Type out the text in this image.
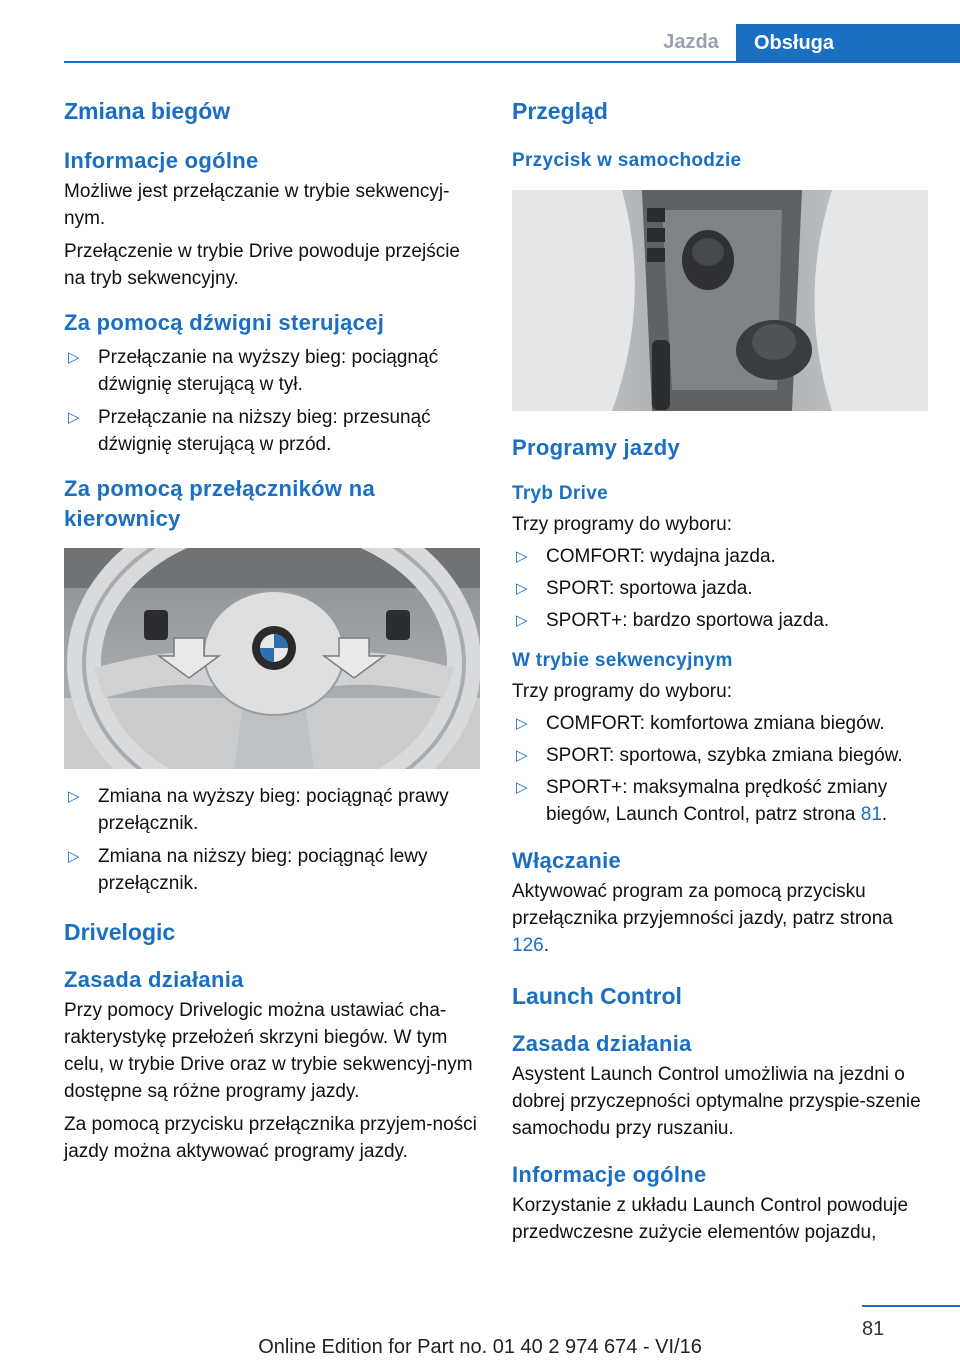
Jazda	Obsługa
Zmiana biegów
Informacje ogólne

Możliwe jest przełączanie w trybie sekwencyj-
nym.

Przełączenie w trybie Drive powoduje przejście na tryb sekwencyjny.

Za pomocą dźwigni sterującej
▷ Przełączanie na wyższy bieg: pociągnąć dźwignię sterującą w tył.
▷ Przełączanie na niższy bieg: przesunąć dźwignię sterującą w przód.
Za pomocą przełączników na kierownicy
▷ Zmiana na wyższy bieg: pociągnąć prawy przełącznik.
▷ Zmiana na niższy bieg: pociągnąć lewy przełącznik.
Drivelogic
Zasada działania

Przy pomocy Drivelogic można ustawiać cha-rakterystykę przełożeń skrzyni biegów. W tym celu, w trybie Drive oraz w trybie sekwencyj-nym dostępne są różne programy jazdy.

Za pomocą przycisku przełącznika przyjem-ności jazdy można aktywować programy jazdy.

Przegląd
Przycisk w samochodzie
Programy jazdy
Tryb Drive

Trzy programy do wyboru:

▷ COMFORT: wydajna jazda.
▷ SPORT: sportowa jazda.
▷ SPORT+: bardzo sportowa jazda.
W trybie sekwencyjnym

Trzy programy do wyboru:

▷ COMFORT: komfortowa zmiana biegów.
▷ SPORT: sportowa, szybka zmiana biegów.
▷ SPORT+: maksymalna prędkość zmiany biegów, Launch Control, patrz strona 81.
Włączanie

Aktywować program za pomocą przycisku przełącznika przyjemności jazdy, patrz strona 126.

Launch Control
Zasada działania

Asystent Launch Control umożliwia na jezdni o dobrej przyczepności optymalne przyspie-szenie samochodu przy ruszaniu.

Informacje ogólne

Korzystanie z układu Launch Control powoduje przedwczesne zużycie elementów pojazdu,

81
Online Edition for Part no. 01 40 2 974 674 - VI/16
